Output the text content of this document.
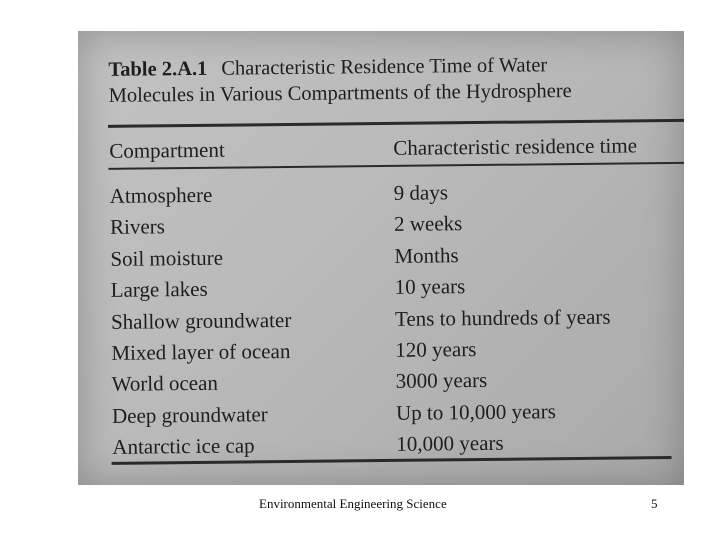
Table 2.A.1 Characteristic Residence Time of Water
Molecules in Various Compartments of the Hydrosphere
Compartment	Characteristic residence time
Atmosphere	9 days
Rivers	2 weeks
Soil moisture	Months
Large lakes	10 years
Shallow groundwater	Tens to hundreds of years
Mixed layer of ocean	120 years
World ocean	3000 years
Deep groundwater	Up to 10,000 years
Antarctic ice cap	10,000 years
Environmental Engineering Science	5
